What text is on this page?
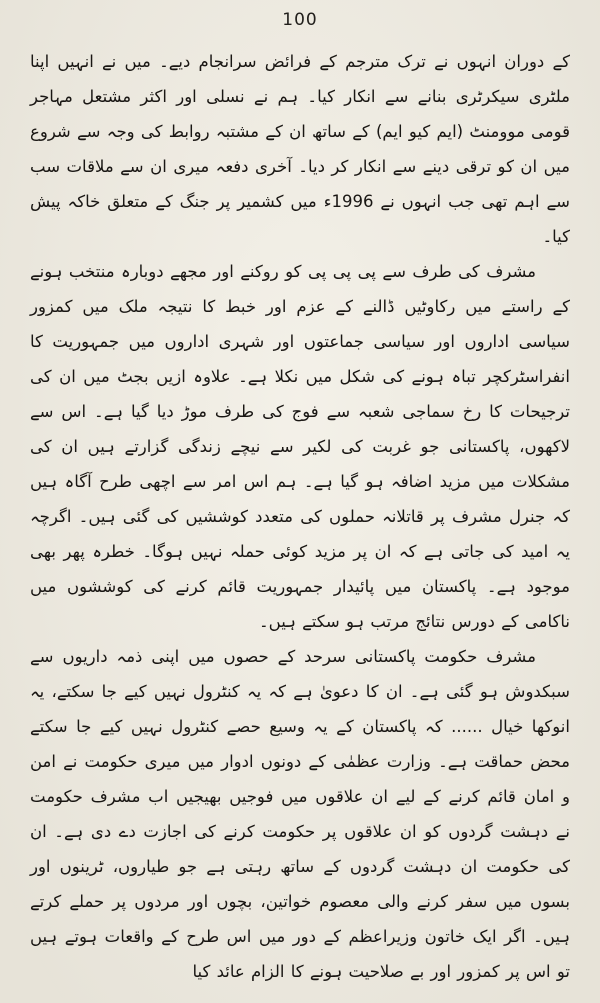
100

کے دوران انہوں نے ترک مترجم کے فرائض سرانجام دیے۔ میں نے انہیں اپنا ملٹری سیکرٹری بنانے سے انکار کیا۔ ہم نے نسلی اور اکثر مشتعل مہاجر قومی موومنٹ (ایم کیو ایم) کے ساتھ ان کے مشتبہ روابط کی وجہ سے شروع میں ان کو ترقی دینے سے انکار کر دیا۔ آخری دفعہ میری ان سے ملاقات سب سے اہم تھی جب انہوں نے 1996ء میں کشمیر پر جنگ کے متعلق خاکہ پیش کیا۔

مشرف کی طرف سے پی پی پی کو روکنے اور مجھے دوبارہ منتخب ہونے کے راستے میں رکاوٹیں ڈالنے کے عزم اور خبط کا نتیجہ ملک میں کمزور سیاسی اداروں اور سیاسی جماعتوں اور شہری اداروں میں جمہوریت کا انفراسٹرکچر تباہ ہونے کی شکل میں نکلا ہے۔ علاوہ ازیں بجٹ میں ان کی ترجیحات کا رخ سماجی شعبہ سے فوج کی طرف موڑ دیا گیا ہے۔ اس سے لاکھوں، پاکستانی جو غربت کی لکیر سے نیچے زندگی گزارتے ہیں ان کی مشکلات میں مزید اضافہ ہو گیا ہے۔ ہم اس امر سے اچھی طرح آگاہ ہیں کہ جنرل مشرف پر قاتلانہ حملوں کی متعدد کوششیں کی گئی ہیں۔ اگرچہ یہ امید کی جاتی ہے کہ ان پر مزید کوئی حملہ نہیں ہوگا۔ خطرہ پھر بھی موجود ہے۔ پاکستان میں پائیدار جمہوریت قائم کرنے کی کوششوں میں ناکامی کے دورس نتائج مرتب ہو سکتے ہیں۔

مشرف حکومت پاکستانی سرحد کے حصوں میں اپنی ذمہ داریوں سے سبکدوش ہو گئی ہے۔ ان کا دعویٰ ہے کہ یہ کنٹرول نہیں کیے جا سکتے، یہ انوکھا خیال ...... کہ پاکستان کے یہ وسیع حصے کنٹرول نہیں کیے جا سکتے محض حماقت ہے۔ وزارت عظمٰی کے دونوں ادوار میں میری حکومت نے امن و امان قائم کرنے کے لیے ان علاقوں میں فوجیں بھیجیں اب مشرف حکومت نے دہشت گردوں کو ان علاقوں پر حکومت کرنے کی اجازت دے دی ہے۔ ان کی حکومت ان دہشت گردوں کے ساتھ رہتی ہے جو طیاروں، ٹرینوں اور بسوں میں سفر کرنے والی معصوم خواتین، بچوں اور مردوں پر حملے کرتے ہیں۔ اگر ایک خاتون وزیراعظم کے دور میں اس طرح کے واقعات ہوتے ہیں تو اس پر کمزور اور بے صلاحیت ہونے کا الزام عائد کیا
